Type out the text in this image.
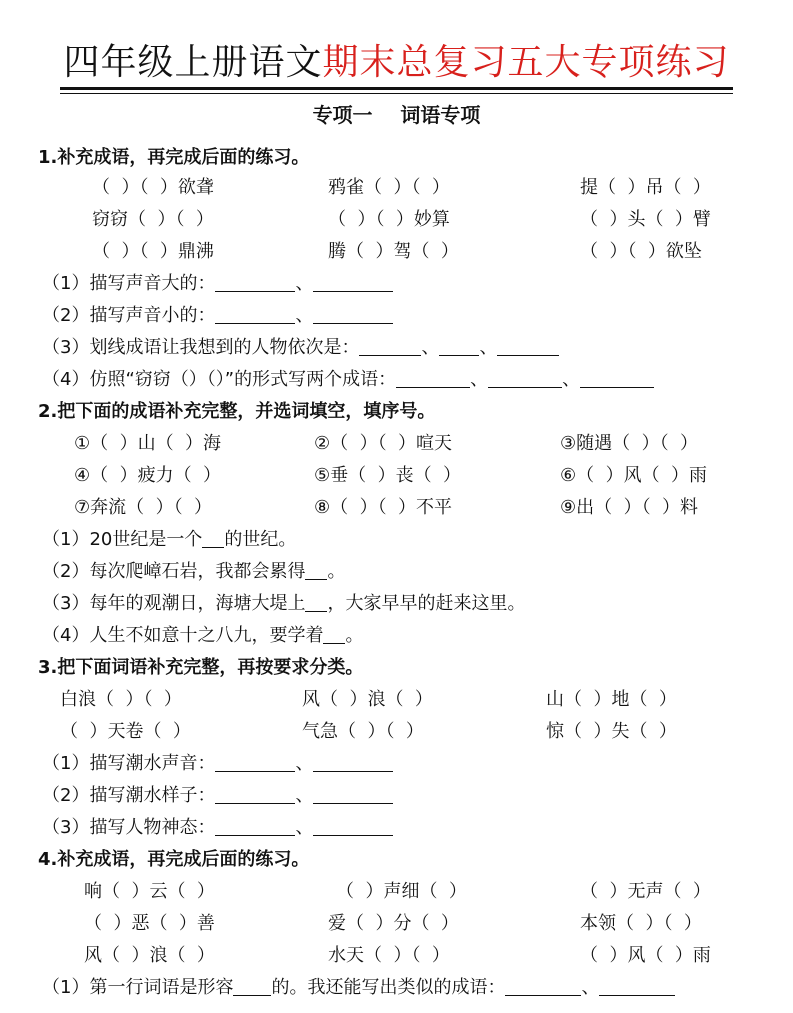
四年级上册语文期末总复习五大专项练习
专项一    词语专项
1.补充成语，再完成后面的练习。
（  ）（  ）欲聋	鸦雀（  ）（  ）	提（  ）吊（  ）
窃窃（  ）（  ）	（  ）（  ）妙算	（  ）头（  ）臂
（  ）（  ）鼎沸	腾（  ）驾（  ）	（  ）（  ）欲坠
（1）描写声音大的：	、
（2）描写声音小的：	、
（3）划线成语让我想到的人物依次是：	、 、
（4）仿照“窃窃（）（）”的形式写两个成语：	、	、
2.把下面的成语补充完整，并选词填空，填序号。
①（  ）山（  ）海	②（  ）（  ）喧天	③随遇（  ）（  ）
④（  ）疲力（  ）	⑤垂（  ）丧（  ）	⑥（  ）风（  ）雨
⑦奔流（  ）（  ）	⑧（  ）（  ）不平	⑨出（  ）（  ）料
（1）20世纪是一个 的世纪。
（2）每次爬嶂石岩，我都会累得 。
（3）每年的观潮日，海塘大堤上 ，大家早早的赶来这里。
（4）人生不如意十之八九，要学着 。
3.把下面词语补充完整，再按要求分类。
白浪（  ）（  ）	风（  ）浪（  ）	山（  ）地（  ）
（  ）天卷（  ）	气急（  ）（  ）	惊（  ）失（  ）
（1）描写潮水声音：	、
（2）描写潮水样子：	、
（3）描写人物神态：	、
4.补充成语，再完成后面的练习。
响（  ）云（  ）	（  ）声细（  ）	（  ）无声（  ）
（  ）恶（  ）善	爱（  ）分（  ）	本领（  ）（  ）
风（  ）浪（  ）	水天（  ）（  ）	（  ）风（  ）雨
（1）第一行词语是形容 的。我还能写出类似的成语：	、
